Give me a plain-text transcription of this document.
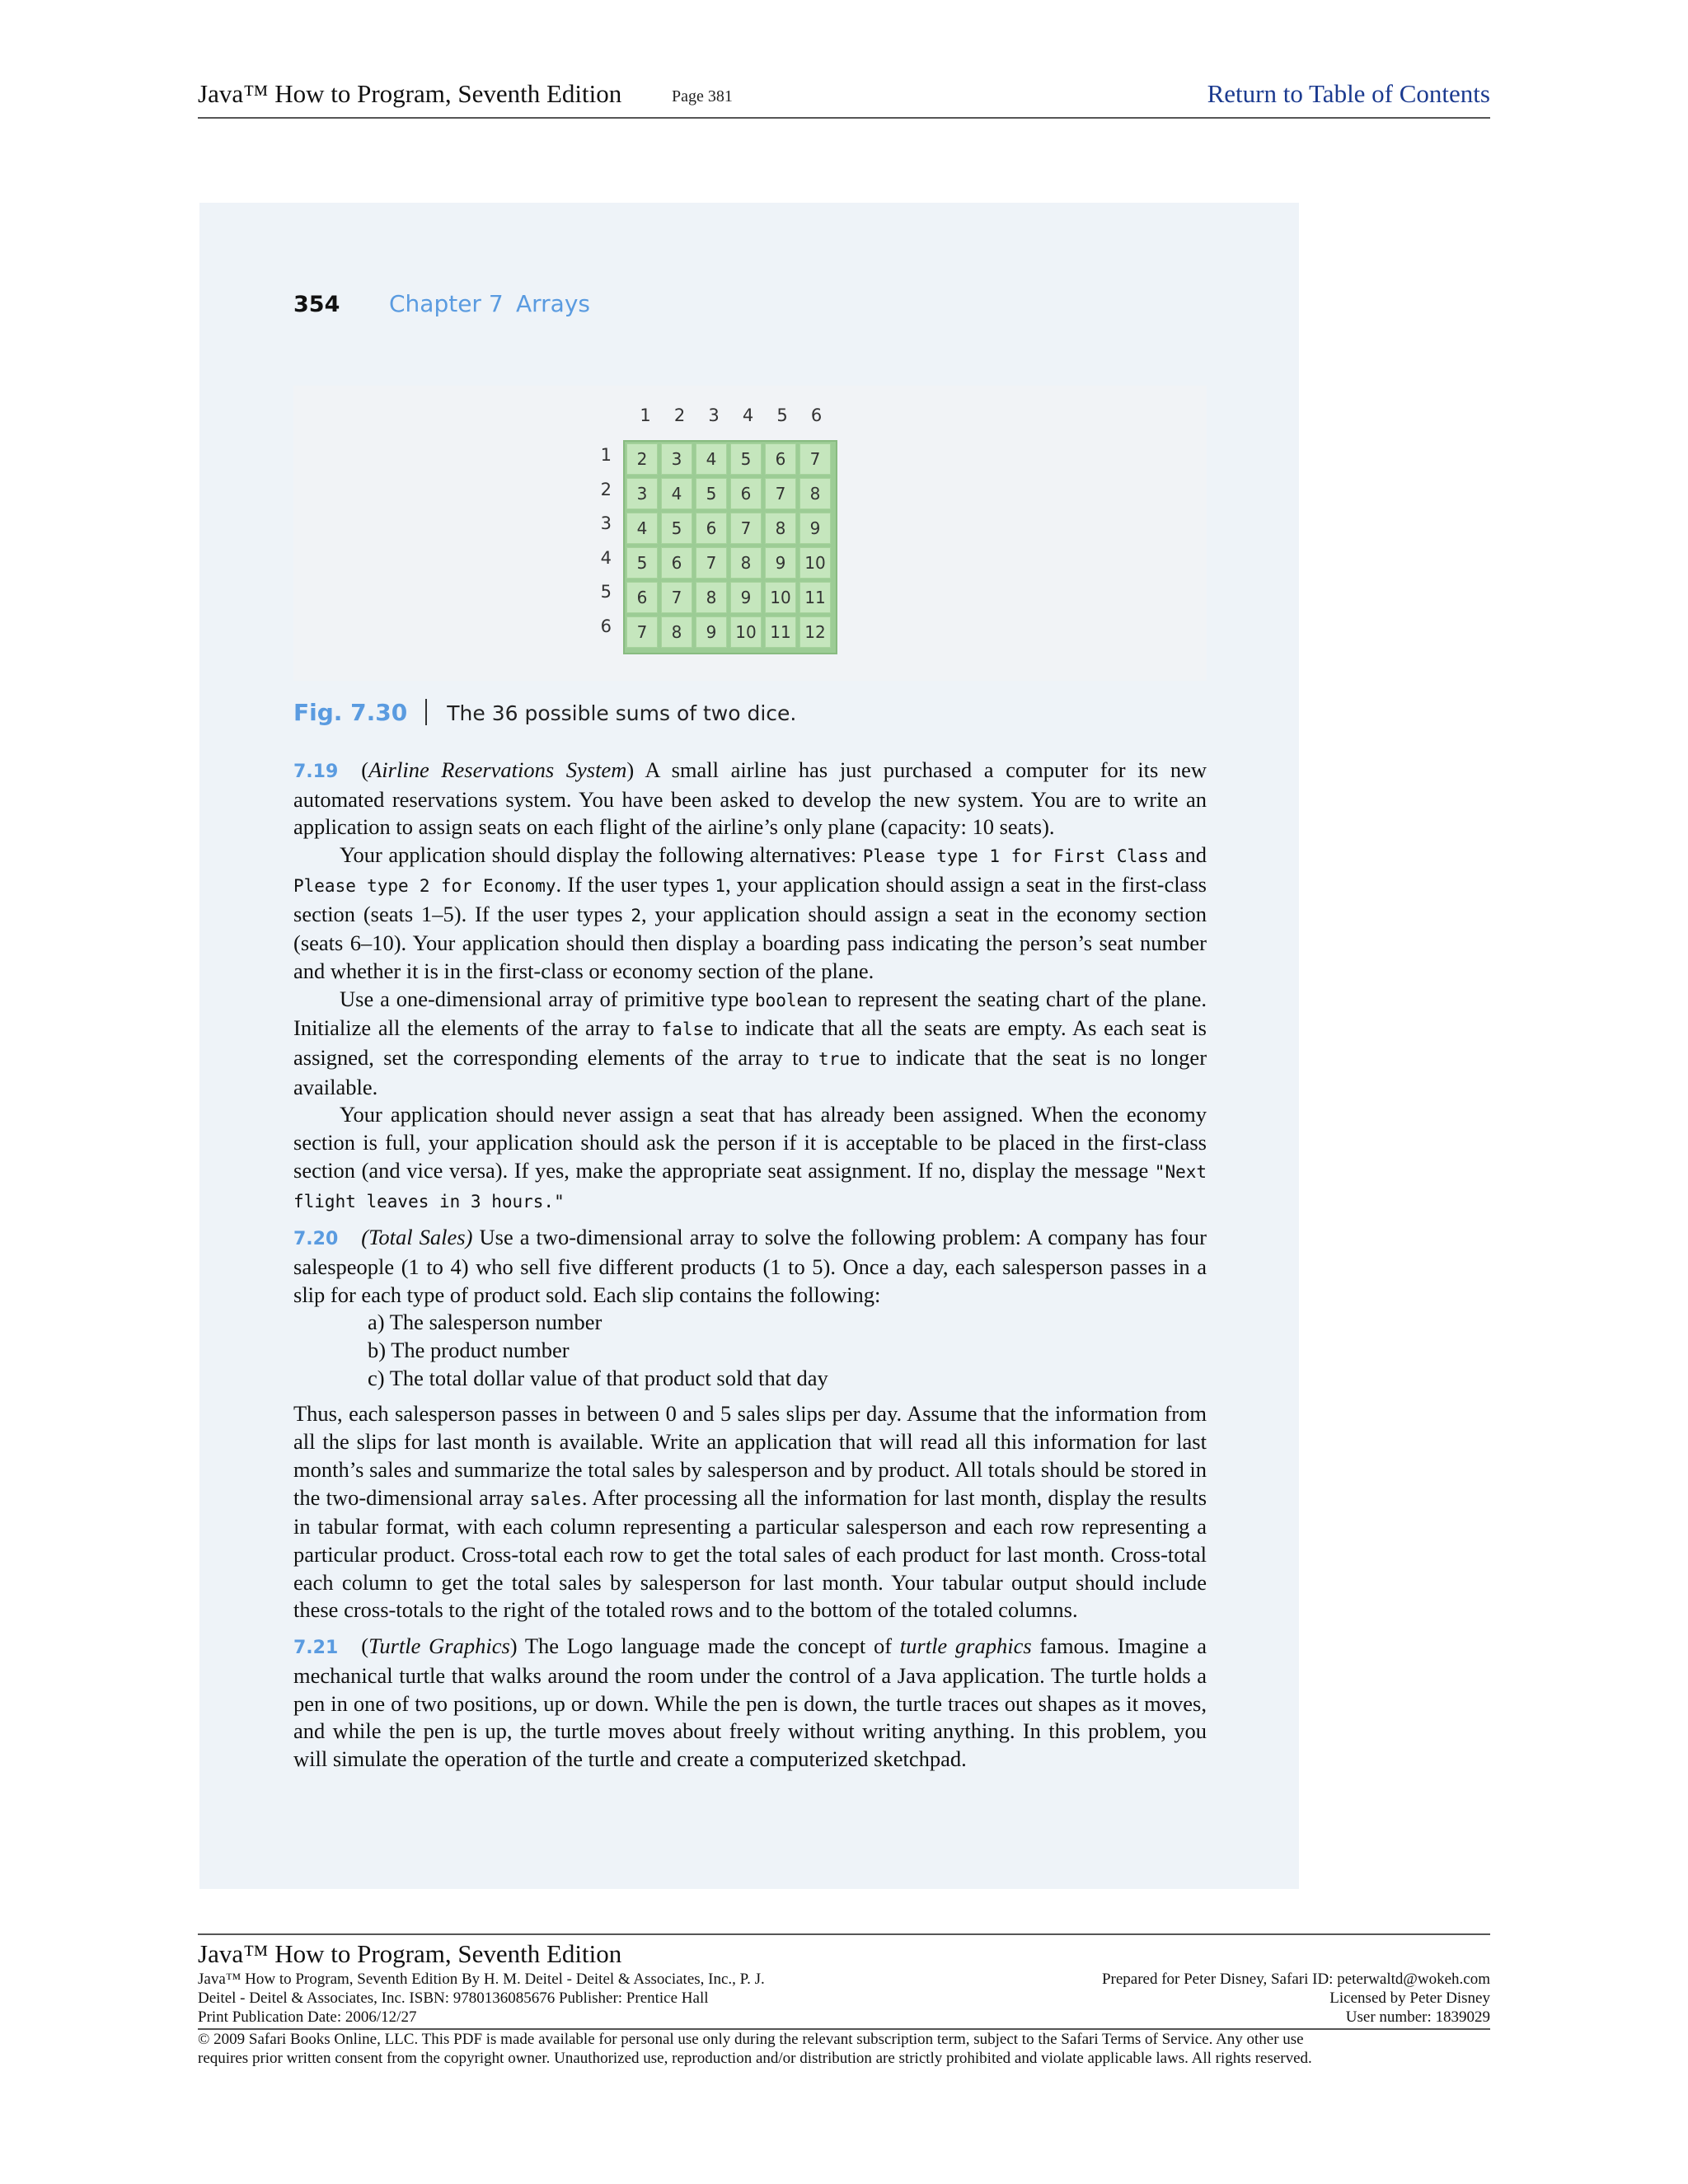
Java™ How to Program, Seventh Edition	Page 381	Return to Table of Contents
354 Chapter 7 Arrays
1	2	3	4	5	6
1
2
3
4
5
6
2	3	4	5	6	7
3	4	5	6	7	8
4	5	6	7	8	9
5	6	7	8	9	10
6	7	8	9	10 11
7	8	9	10 11 12
Fig. 7.30 The 36 possible sums of two dice.

7.19 (Airline Reservations System) A small airline has just purchased a computer for its new automated reservations system. You have been asked to develop the new system. You are to write an application to assign seats on each flight of the airline’s only plane (capacity: 10 seats).

Your application should display the following alternatives: Please type 1 for First Class and Please type 2 for Economy. If the user types 1, your application should assign a seat in the first-class section (seats 1–5). If the user types 2, your application should assign a seat in the economy section (seats 6–10). Your application should then display a boarding pass indicating the person’s seat number and whether it is in the first-class or economy section of the plane.

Use a one-dimensional array of primitive type boolean to represent the seating chart of the plane. Initialize all the elements of the array to false to indicate that all the seats are empty. As each seat is assigned, set the corresponding elements of the array to true to indicate that the seat is no longer available.

Your application should never assign a seat that has already been assigned. When the economy section is full, your application should ask the person if it is acceptable to be placed in the first-class section (and vice versa). If yes, make the appropriate seat assignment. If no, display the message "Next flight leaves in 3 hours."

7.20 (Total Sales) Use a two-dimensional array to solve the following problem: A company has four salespeople (1 to 4) who sell five different products (1 to 5). Once a day, each salesperson passes in a slip for each type of product sold. Each slip contains the following:

a) The salesperson number
b) The product number
c) The total dollar value of that product sold that day

Thus, each salesperson passes in between 0 and 5 sales slips per day. Assume that the information from all the slips for last month is available. Write an application that will read all this information for last month’s sales and summarize the total sales by salesperson and by product. All totals should be stored in the two-dimensional array sales. After processing all the information for last month, display the results in tabular format, with each column representing a particular salesperson and each row representing a particular product. Cross-total each row to get the total sales of each product for last month. Cross-total each column to get the total sales by salesperson for last month. Your tabular output should include these cross-totals to the right of the totaled rows and to the bottom of the totaled columns.

7.21 (Turtle Graphics) The Logo language made the concept of turtle graphics famous. Imagine a mechanical turtle that walks around the room under the control of a Java application. The turtle holds a pen in one of two positions, up or down. While the pen is down, the turtle traces out shapes as it moves, and while the pen is up, the turtle moves about freely without writing anything. In this problem, you will simulate the operation of the turtle and create a computerized sketchpad.

Java™ How to Program, Seventh Edition
Java™ How to Program, Seventh Edition By H. M. Deitel - Deitel & Associates, Inc., P. J.	Prepared for Peter Disney, Safari ID: peterwaltd@wokeh.com
Deitel - Deitel & Associates, Inc. ISBN: 9780136085676 Publisher: Prentice Hall	Licensed by Peter Disney
Print Publication Date: 2006/12/27	User number: 1839029
© 2009 Safari Books Online, LLC. This PDF is made available for personal use only during the relevant subscription term, subject to the Safari Terms of Service. Any other use
requires prior written consent from the copyright owner. Unauthorized use, reproduction and/or distribution are strictly prohibited and violate applicable laws. All rights reserved.
